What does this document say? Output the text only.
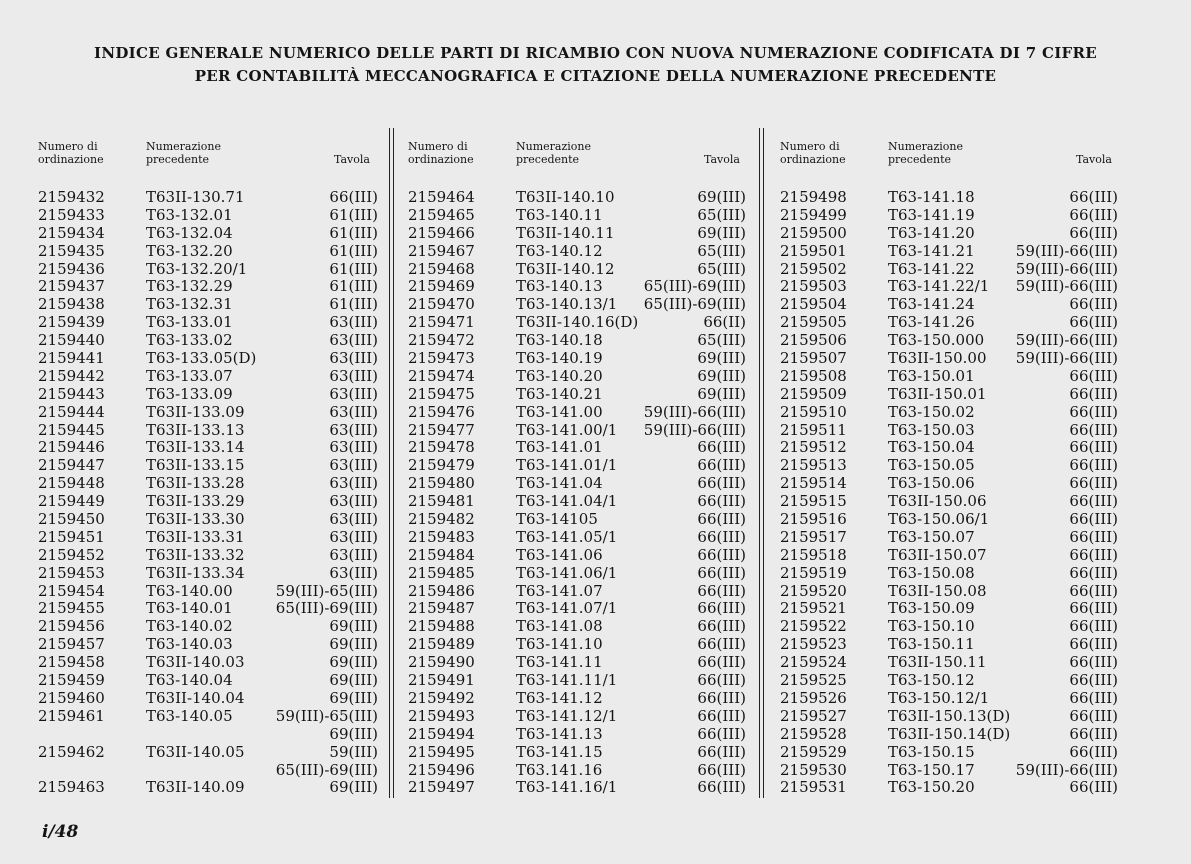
INDICE GENERALE NUMERICO DELLE PARTI DI RICAMBIO CON NUOVA NUMERAZIONE CODIFICATA DI 7 CIFRE
PER CONTABILITÀ MECCANOGRAFICA E CITAZIONE DELLA NUMERAZIONE PRECEDENTE
Numero di
ordinazione
Numerazione
precedente	Tavola
2159432	T63II-130.71	66(III)
2159433	T63-132.01	61(III)
2159434	T63-132.04	61(III)
2159435	T63-132.20	61(III)
2159436	T63-132.20/1	61(III)
2159437	T63-132.29	61(III)
2159438	T63-132.31	61(III)
2159439	T63-133.01	63(III)
2159440	T63-133.02	63(III)
2159441	T63-133.05(D)	63(III)
2159442	T63-133.07	63(III)
2159443	T63-133.09	63(III)
2159444	T63II-133.09	63(III)
2159445	T63II-133.13	63(III)
2159446	T63II-133.14	63(III)
2159447	T63II-133.15	63(III)
2159448	T63II-133.28	63(III)
2159449	T63II-133.29	63(III)
2159450	T63II-133.30	63(III)
2159451	T63II-133.31	63(III)
2159452	T63II-133.32	63(III)
2159453	T63II-133.34	63(III)
2159454	T63-140.00	59(III)-65(III)
2159455	T63-140.01	65(III)-69(III)
2159456	T63-140.02	69(III)
2159457	T63-140.03	69(III)
2159458	T63II-140.03	69(III)
2159459	T63-140.04	69(III)
2159460	T63II-140.04	69(III)
2159461	T63-140.05	59(III)-65(III)
69(III)
2159462	T63II-140.05	59(III)
65(III)-69(III)
2159463	T63II-140.09	69(III)
Numero di
ordinazione
Numerazione
precedente	Tavola
2159464	T63II-140.10	69(III)
2159465	T63-140.11	65(III)
2159466	T63II-140.11	69(III)
2159467	T63-140.12	65(III)
2159468	T63II-140.12	65(III)
2159469	T63-140.13	65(III)-69(III)
2159470	T63-140.13/1 65(III)-69(III)
2159471	T63II-140.16(D)	66(II)
2159472	T63-140.18	65(III)
2159473	T63-140.19	69(III)
2159474	T63-140.20	69(III)
2159475	T63-140.21	69(III)
2159476	T63-141.00	59(III)-66(III)
2159477	T63-141.00/1 59(III)-66(III)
2159478	T63-141.01	66(III)
2159479	T63-141.01/1	66(III)
2159480	T63-141.04	66(III)
2159481	T63-141.04/1	66(III)
2159482	T63-14105	66(III)
2159483	T63-141.05/1	66(III)
2159484	T63-141.06	66(III)
2159485	T63-141.06/1	66(III)
2159486	T63-141.07	66(III)
2159487	T63-141.07/1	66(III)
2159488	T63-141.08	66(III)
2159489	T63-141.10	66(III)
2159490	T63-141.11	66(III)
2159491	T63-141.11/1	66(III)
2159492	T63-141.12	66(III)
2159493	T63-141.12/1	66(III)
2159494	T63-141.13	66(III)
2159495	T63-141.15	66(III)
2159496	T63.141.16	66(III)
2159497	T63-141.16/1	66(III)
Numero di
ordinazione
Numerazione
precedente	Tavola
2159498	T63-141.18	66(III)
2159499	T63-141.19	66(III)
2159500	T63-141.20	66(III)
2159501	T63-141.21	59(III)-66(III)
2159502	T63-141.22	59(III)-66(III)
2159503	T63-141.22/1 59(III)-66(III)
2159504	T63-141.24	66(III)
2159505	T63-141.26	66(III)
2159506	T63-150.000 59(III)-66(III)
2159507	T63II-150.00 59(III)-66(III)
2159508	T63-150.01	66(III)
2159509	T63II-150.01	66(III)
2159510	T63-150.02	66(III)
2159511	T63-150.03	66(III)
2159512	T63-150.04	66(III)
2159513	T63-150.05	66(III)
2159514	T63-150.06	66(III)
2159515	T63II-150.06	66(III)
2159516	T63-150.06/1	66(III)
2159517	T63-150.07	66(III)
2159518	T63II-150.07	66(III)
2159519	T63-150.08	66(III)
2159520	T63II-150.08	66(III)
2159521	T63-150.09	66(III)
2159522	T63-150.10	66(III)
2159523	T63-150.11	66(III)
2159524	T63II-150.11	66(III)
2159525	T63-150.12	66(III)
2159526	T63-150.12/1	66(III)
2159527	T63II-150.13(D)	66(III)
2159528	T63II-150.14(D)	66(III)
2159529	T63-150.15	66(III)
2159530	T63-150.17	59(III)-66(III)
2159531	T63-150.20	66(III)
i/48
